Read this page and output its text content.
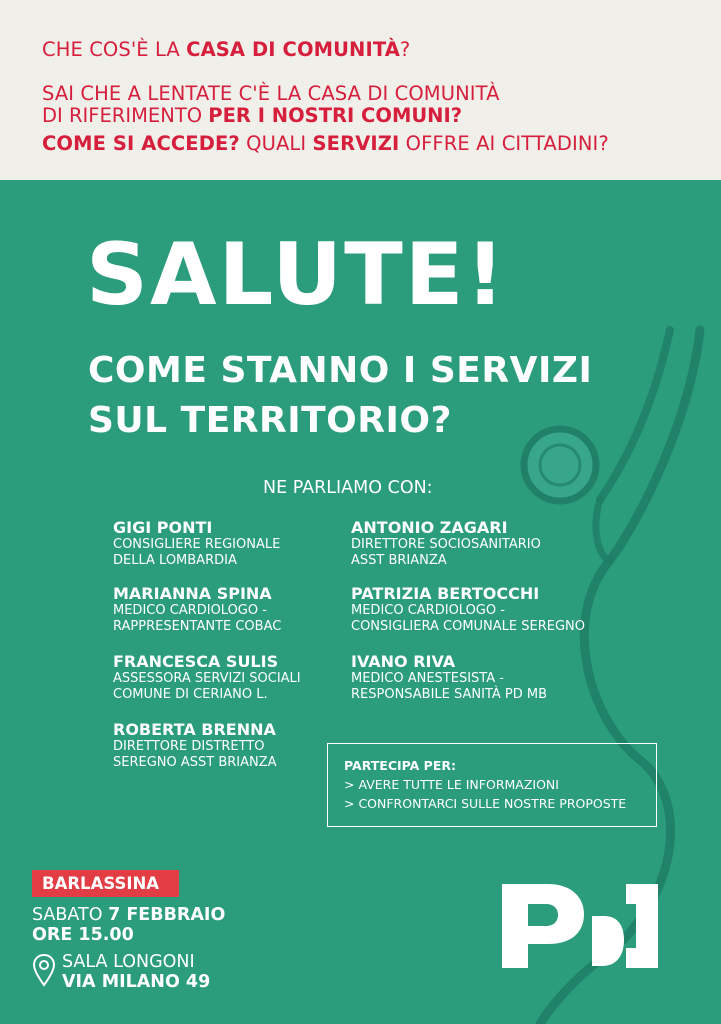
CHE COS'È LA CASA DI COMUNITÀ?
SAI CHE A LENTATE C'È LA CASA DI COMUNITÀ
DI RIFERIMENTO PER I NOSTRI COMUNI?
COME SI ACCEDE? QUALI SERVIZI OFFRE AI CITTADINI?
SALUTE!
COME STANNO I SERVIZI
SUL TERRITORIO?
NE PARLIAMO CON:
GIGI PONTI
CONSIGLIERE REGIONALE
DELLA LOMBARDIA
ANTONIO ZAGARI
DIRETTORE SOCIOSANITARIO
ASST BRIANZA
MARIANNA SPINA
MEDICO CARDIOLOGO -
RAPPRESENTANTE COBAC
PATRIZIA BERTOCCHI
MEDICO CARDIOLOGO -
CONSIGLIERA COMUNALE SEREGNO
FRANCESCA SULIS
ASSESSORA SERVIZI SOCIALI
COMUNE DI CERIANO L.
IVANO RIVA
MEDICO ANESTESISTA -
RESPONSABILE SANITÀ PD MB
ROBERTA BRENNA
DIRETTORE DISTRETTO
SEREGNO ASST BRIANZA	PARTECIPA PER:
> AVERE TUTTE LE INFORMAZIONI
> CONFRONTARCI SULLE NOSTRE PROPOSTE
BARLASSINA
SABATO 7 FEBBRAIO
ORE 15.00
SALA LONGONI
VIA MILANO 49
